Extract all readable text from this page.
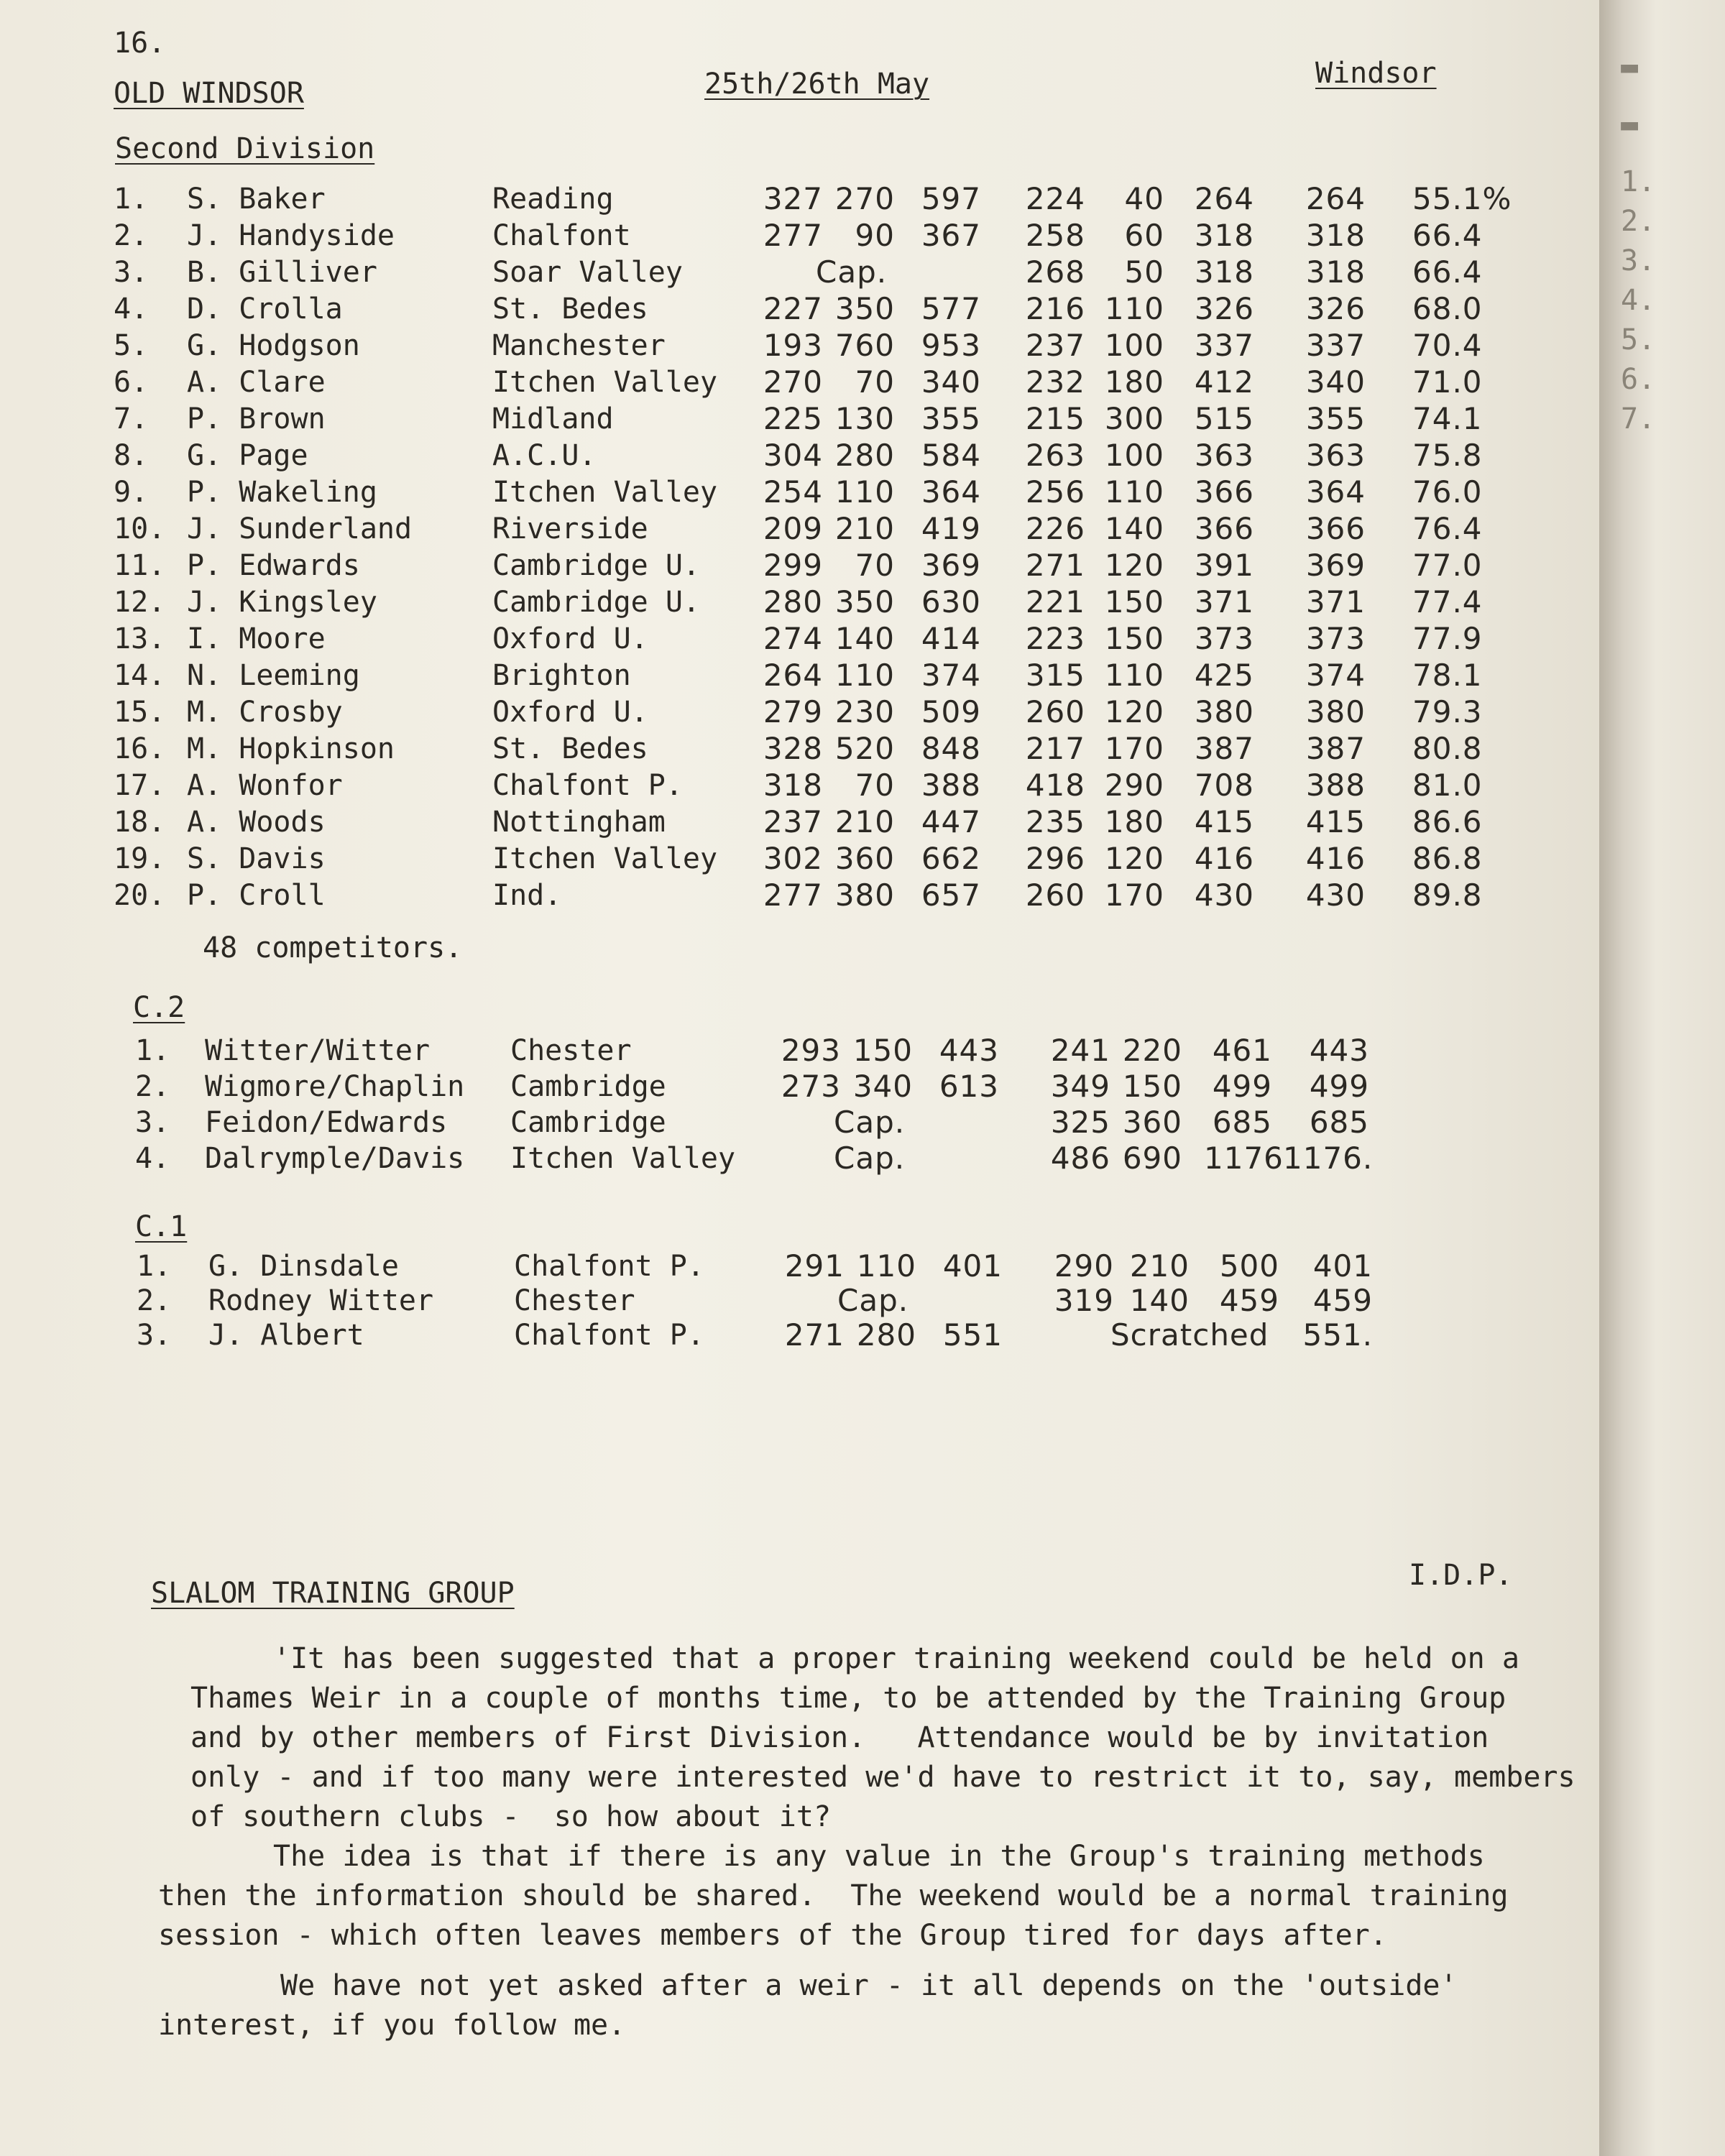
▬
▬
1.
2.
3.
4.
5.
6.
7.
16.
OLD WINDSOR	25th/26th May	Windsor
Second Division
1. S. Baker	Reading	327 270 597 224	40 264	264 55.1%
2. J. Handyside	Chalfont	277	90 367 258	60 318	318 66.4
3. B. Gilliver	Soar Valley	Cap.	268	50 318	318 66.4
4. D. Crolla	St. Bedes	227 350 577 216 110 326	326 68.0
5. G. Hodgson	Manchester	193 760 953 237 100 337	337 70.4
6. A. Clare	Itchen Valley 270	70 340 232 180 412	340 71.0
7. P. Brown	Midland	225 130 355 215 300 515	355 74.1
8. G. Page	A.C.U.	304 280 584 263 100 363	363 75.8
9. P. Wakeling	Itchen Valley 254 110 364 256 110 366	364 76.0
10. J. Sunderland	Riverside	209 210 419 226 140 366	366 76.4
11. P. Edwards	Cambridge U. 299	70 369 271 120 391	369 77.0
12. J. Kingsley	Cambridge U. 280 350 630 221 150 371	371 77.4
13. I. Moore	Oxford U.	274 140 414 223 150 373	373 77.9
14. N. Leeming	Brighton	264 110 374 315 110 425	374 78.1
15. M. Crosby	Oxford U.	279 230 509 260 120 380	380 79.3
16. M. Hopkinson	St. Bedes	328 520 848 217 170 387	387 80.8
17. A. Wonfor	Chalfont P.	318	70 388 418 290 708	388 81.0
18. A. Woods	Nottingham	237 210 447 235 180 415	415 86.6
19. S. Davis	Itchen Valley 302 360 662 296 120 416	416 86.8
20. P. Croll	Ind.	277 380 657 260 170 430	430 89.8
48 competitors.
C.2
1. Witter/Witter	Chester	293 150 443 241 220 461	443
2. Wigmore/Chaplin Cambridge	273 340 613 349 150 499	499
3. Feidon/Edwards Cambridge	Cap.	325 360 685	685
4. Dalrymple/Davis Itchen Valley	Cap.	486 690 1176 1176.
C.1
1. G. Dinsdale	Chalfont P.	291 110 401 290 210 500	401
2. Rodney Witter	Chester	Cap.	319 140 459	459
3. J. Albert	Chalfont P.	271 280 551	Scratched	551.
SLALOM TRAINING GROUP
I.D.P.
'It has been suggested that a proper training weekend could be held on a
Thames Weir in a couple of months time, to be attended by the Training Group
and by other members of First Division.   Attendance would be by invitation
only - and if too many were interested we'd have to restrict it to, say, members
of southern clubs -  so how about it?
The idea is that if there is any value in the Group's training methods
then the information should be shared.  The weekend would be a normal training
session - which often leaves members of the Group tired for days after.
We have not yet asked after a weir - it all depends on the 'outside'
interest, if you follow me.
